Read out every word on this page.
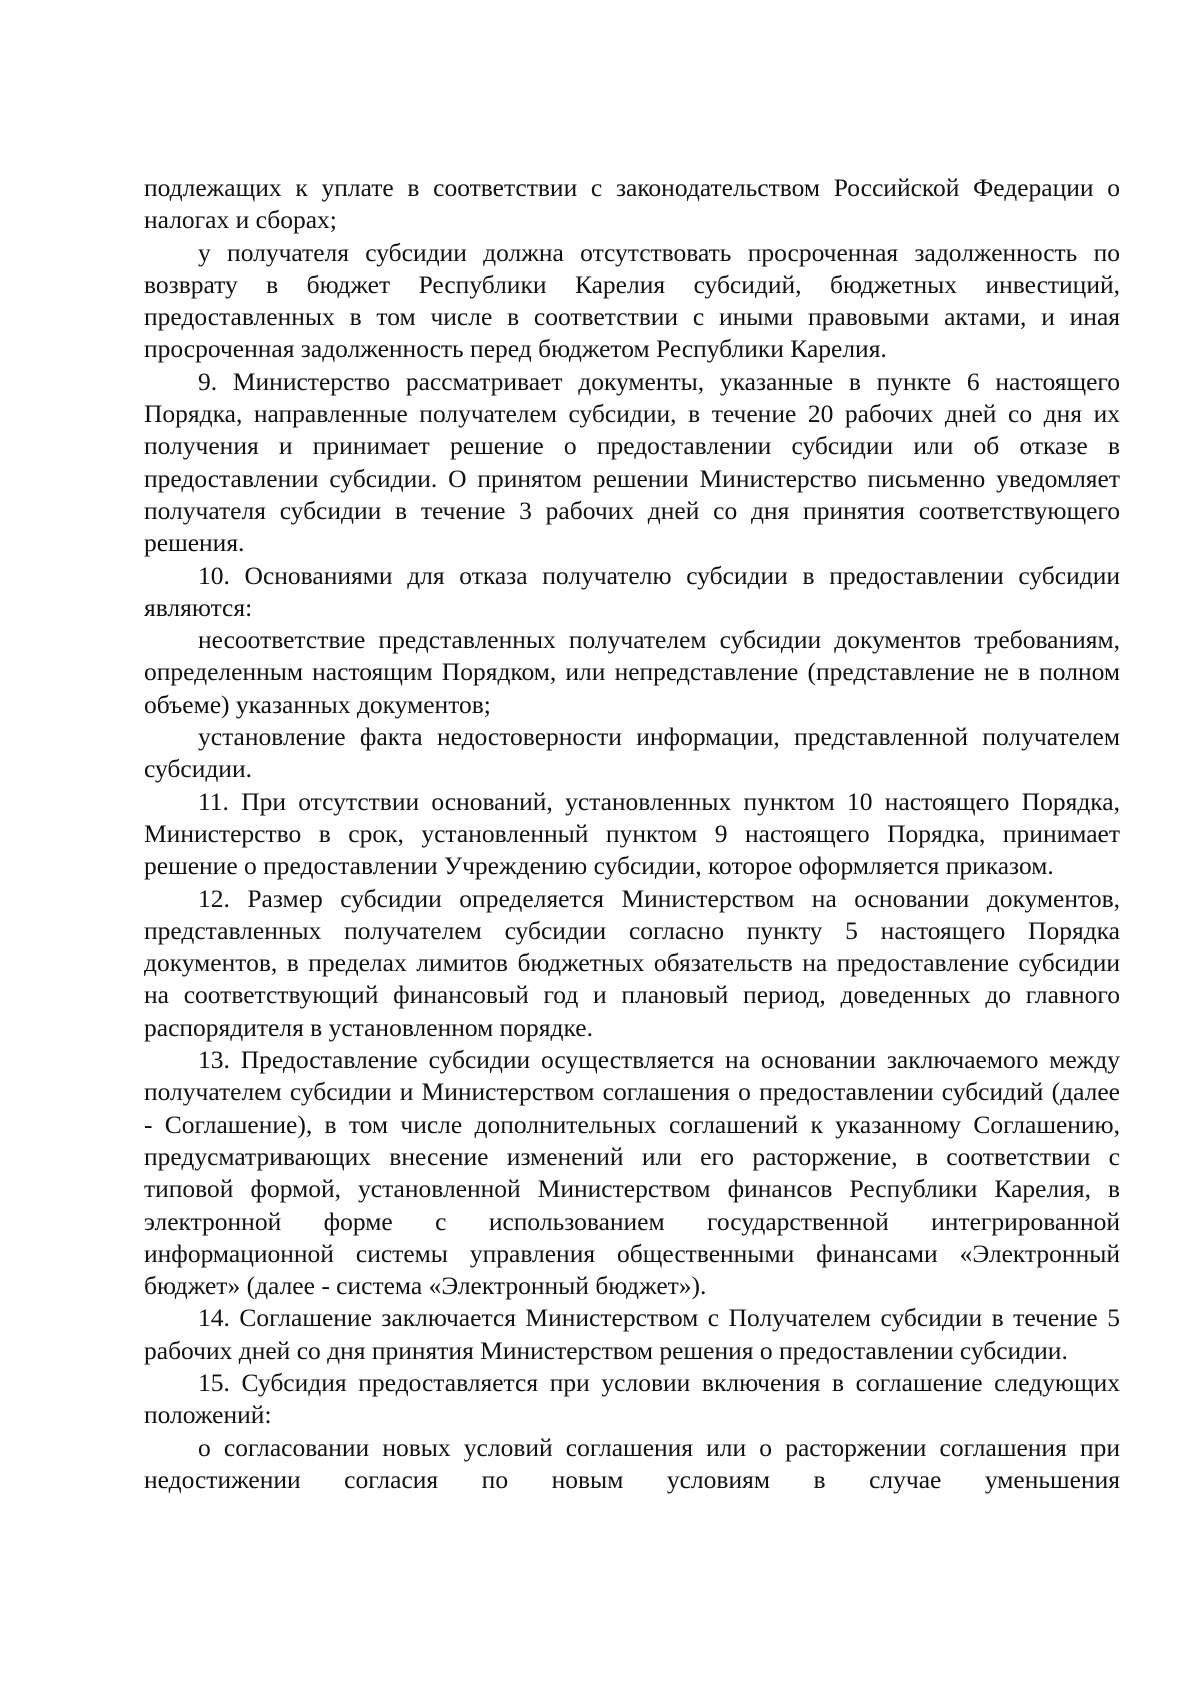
подлежащих к уплате в соответствии с законодательством Российской Федерации о налогах и сборах;

у получателя субсидии должна отсутствовать просроченная задолженность по возврату в бюджет Республики Карелия субсидий, бюджетных инвестиций, предоставленных в том числе в соответствии с иными правовыми актами, и иная просроченная задолженность перед бюджетом Республики Карелия.

9. Министерство рассматривает документы, указанные в пункте 6 настоящего Порядка, направленные получателем субсидии, в течение 20 рабочих дней со дня их получения и принимает решение о предоставлении субсидии или об отказе в предоставлении субсидии. О принятом решении Министерство письменно уведомляет получателя субсидии в течение 3 рабочих дней со дня принятия соответствующего решения.

10. Основаниями для отказа получателю субсидии в предоставлении субсидии являются:

несоответствие представленных получателем субсидии документов требованиям, определенным настоящим Порядком, или непредставление (представление не в полном объеме) указанных документов;

установление факта недостоверности информации, представленной получателем субсидии.

11. При отсутствии оснований, установленных пунктом 10 настоящего Порядка, Министерство в срок, установленный пунктом 9 настоящего Порядка, принимает решение о предоставлении Учреждению субсидии, которое оформляется приказом.

12. Размер субсидии определяется Министерством на основании документов, представленных получателем субсидии согласно пункту 5 настоящего Порядка документов, в пределах лимитов бюджетных обязательств на предоставление субсидии на соответствующий финансовый год и плановый период, доведенных до главного распорядителя в установленном порядке.

13. Предоставление субсидии осуществляется на основании заключаемого между получателем субсидии и Министерством соглашения о предоставлении субсидий (далее - Соглашение), в том числе дополнительных соглашений к указанному Соглашению, предусматривающих внесение изменений или его расторжение, в соответствии с типовой формой, установленной Министерством финансов Республики Карелия, в электронной форме с использованием государственной интегрированной информационной системы управления общественными финансами «Электронный бюджет» (далее - система «Электронный бюджет»).

14. Соглашение заключается Министерством с Получателем субсидии в течение 5 рабочих дней со дня принятия Министерством решения о предоставлении субсидии.

15. Субсидия предоставляется при условии включения в соглашение следующих положений:

о согласовании новых условий соглашения или о расторжении соглашения при недостижении согласия по новым условиям в случае уменьшения
